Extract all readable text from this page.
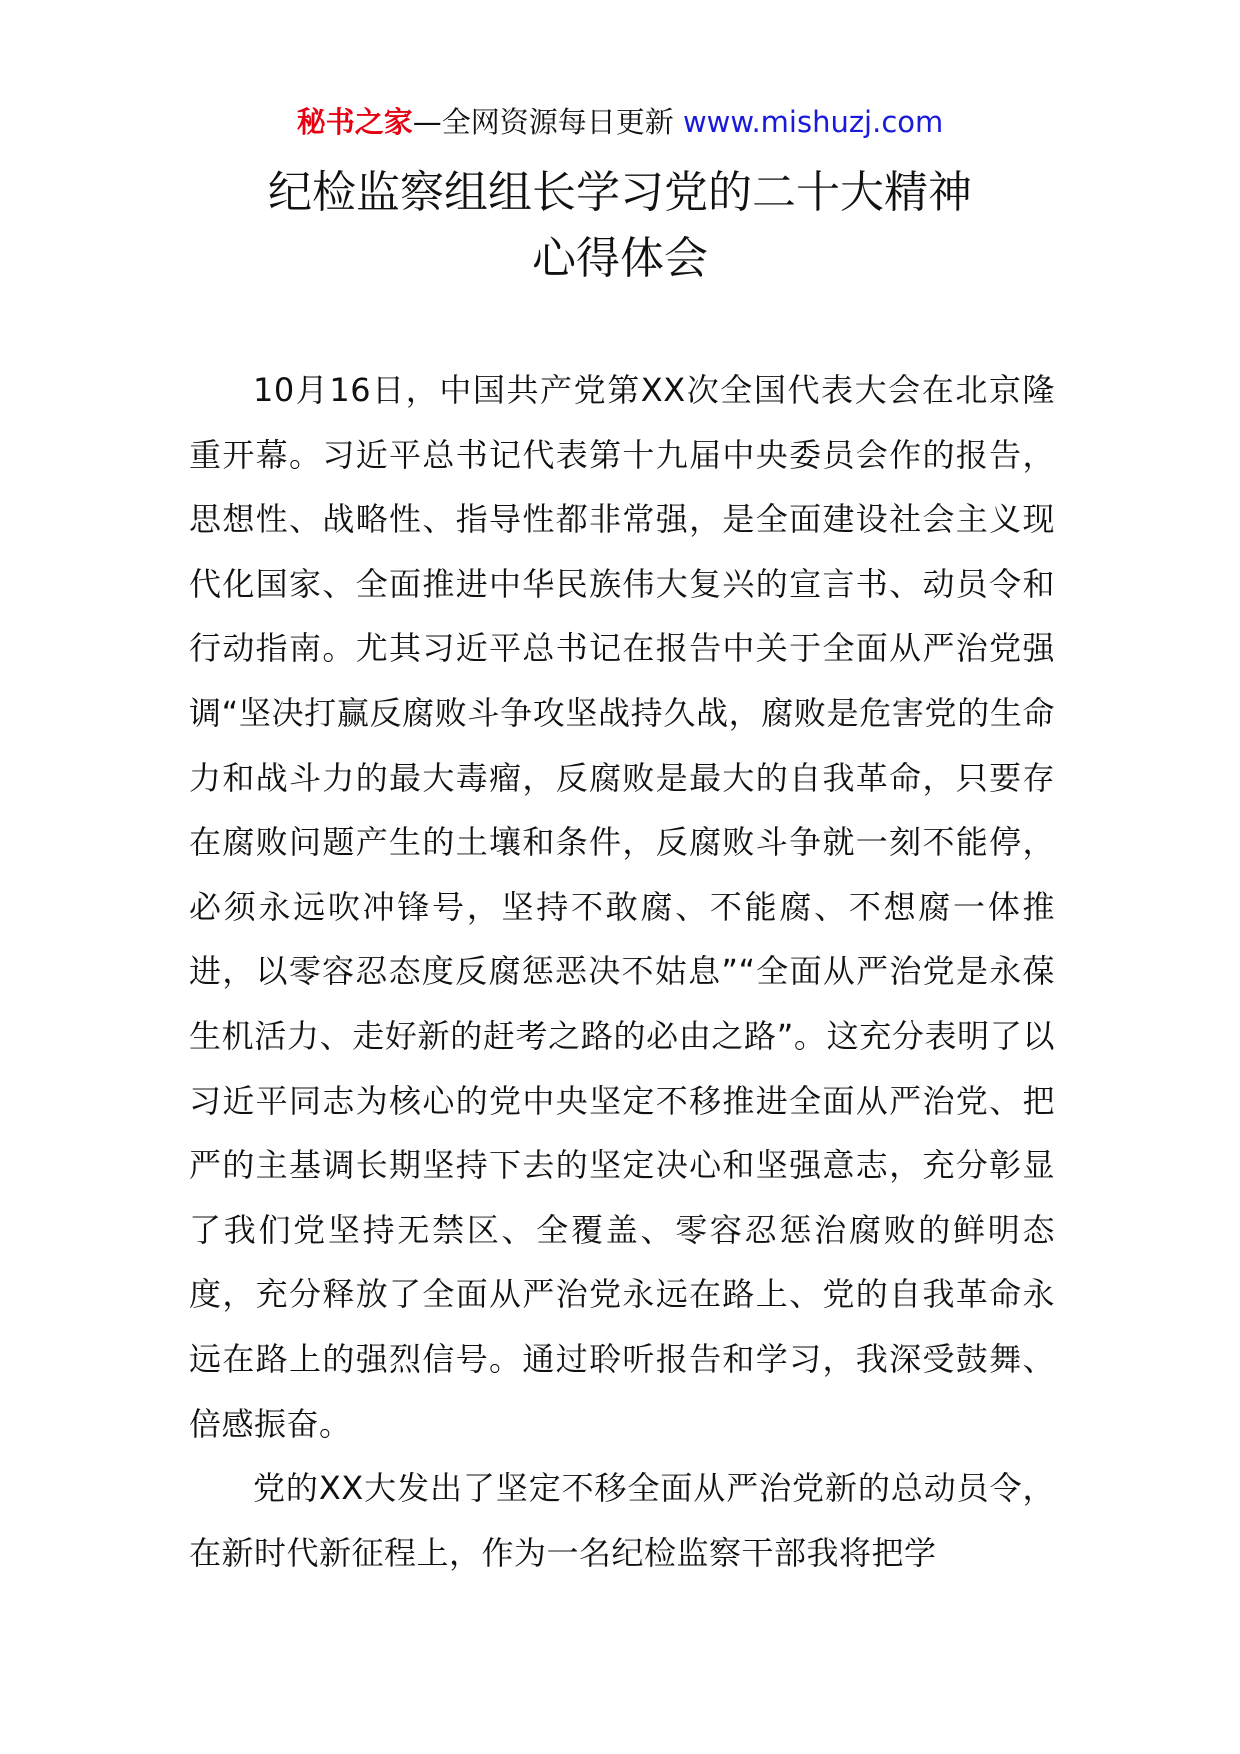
秘书之家—全网资源每日更新 www.mishuzj.com
纪检监察组组长学习党的二十大精神
心得体会

10月16日，中国共产党第XX次全国代表大会在北京隆重开幕。习近平总书记代表第十九届中央委员会作的报告，思想性、战略性、指导性都非常强，是全面建设社会主义现代化国家、全面推进中华民族伟大复兴的宣言书、动员令和行动指南。尤其习近平总书记在报告中关于全面从严治党强调“坚决打赢反腐败斗争攻坚战持久战，腐败是危害党的生命力和战斗力的最大毒瘤，反腐败是最大的自我革命，只要存在腐败问题产生的土壤和条件，反腐败斗争就一刻不能停，必须永远吹冲锋号，坚持不敢腐、不能腐、不想腐一体推进，以零容忍态度反腐惩恶决不姑息”“全面从严治党是永葆生机活力、走好新的赶考之路的必由之路”。这充分表明了以习近平同志为核心的党中央坚定不移推进全面从严治党、把严的主基调长期坚持下去的坚定决心和坚强意志，充分彰显了我们党坚持无禁区、全覆盖、零容忍惩治腐败的鲜明态度，充分释放了全面从严治党永远在路上、党的自我革命永远在路上的强烈信号。通过聆听报告和学习，我深受鼓舞、倍感振奋。

党的XX大发出了坚定不移全面从严治党新的总动员令，在新时代新征程上，作为一名纪检监察干部我将把学
